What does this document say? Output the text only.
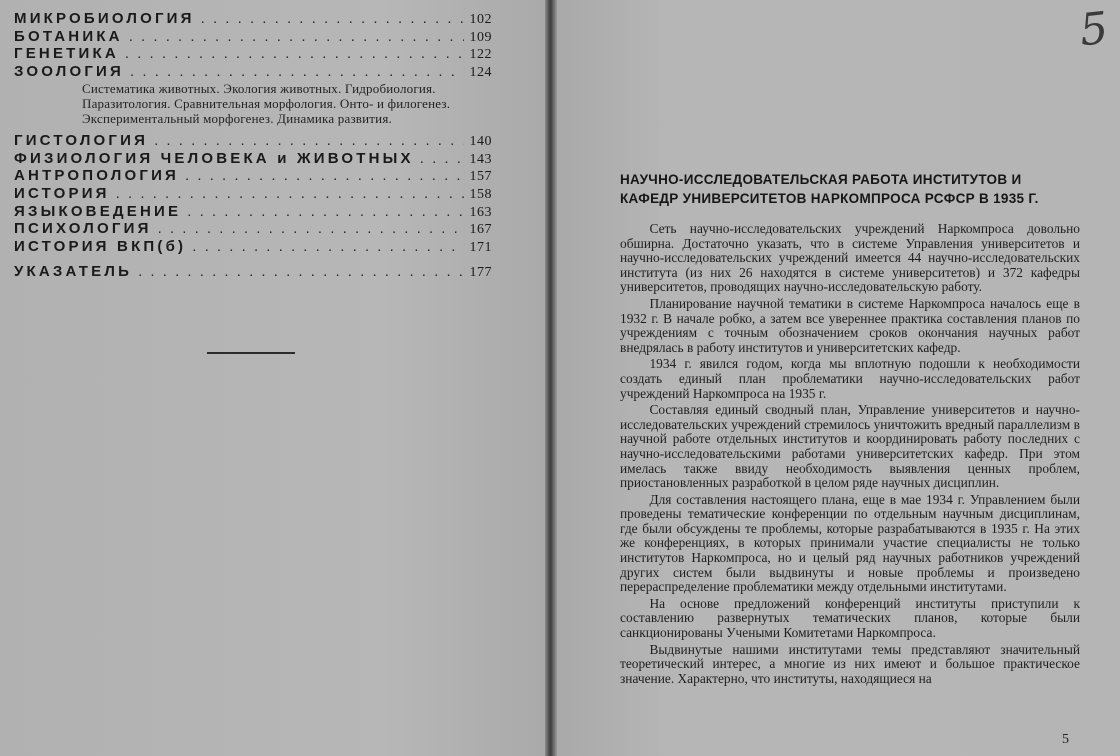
МИКРОБИОЛОГИЯ . . .	102
БОТАНИКА . . .	109
ГЕНЕТИКА . . .	122
ЗООЛОГИЯ . . .	124
Систематика животных. Экология животных. Гидробиология. Паразитология. Сравнительная морфология. Онто- и филогенез. Экспериментальный морфогенез. Динамика развития.
ГИСТОЛОГИЯ . . .	140
ФИЗИОЛОГИЯ ЧЕЛОВЕКА и ЖИВОТНЫХ . . .	143
АНТРОПОЛОГИЯ . . .	157
ИСТОРИЯ . . .	158
ЯЗЫКОВЕДЕНИЕ . . .	163
ПСИХОЛОГИЯ . . .	167
ИСТОРИЯ ВКП(б) . . .	171
УКАЗАТЕЛЬ . . .	177
5
НАУЧНО-ИССЛЕДОВАТЕЛЬСКАЯ РАБОТА ИНСТИТУТОВ И КАФЕДР УНИВЕРСИТЕТОВ НАРКОМПРОСА РСФСР В 1935 Г.

Сеть научно-исследовательских учреждений Наркомпроса довольно обширна. Достаточно указать, что в системе Управления университетов и научно-исследовательских учреждений имеется 44 научно-исследовательских института (из них 26 находятся в системе университетов) и 372 кафедры университетов, проводящих научно-исследовательскую работу.

Планирование научной тематики в системе Наркомпроса началось еще в 1932 г. В начале робко, а затем все увереннее практика составления планов по учреждениям с точным обозначением сроков окончания научных работ внедрялась в работу институтов и университетских кафедр.

1934 г. явился годом, когда мы вплотную подошли к необходимости создать единый план проблематики научно-исследовательских работ учреждений Наркомпроса на 1935 г.

Составляя единый сводный план, Управление университетов и научно-исследовательских учреждений стремилось уничтожить вредный параллелизм в научной работе отдельных институтов и координировать работу последних с научно-исследовательскими работами университетских кафедр. При этом имелась также ввиду необходимость выявления ценных проблем, приостановленных разработкой в целом ряде научных дисциплин.

Для составления настоящего плана, еще в мае 1934 г. Управлением были проведены тематические конференции по отдельным научным дисциплинам, где были обсуждены те проблемы, которые разрабатываются в 1935 г. На этих же конференциях, в которых принимали участие специалисты не только институтов Наркомпроса, но и целый ряд научных работников учреждений других систем были выдвинуты и новые проблемы и произведено перераспределение проблематики между отдельными институтами.

На основе предложений конференций институты приступили к составлению развернутых тематических планов, которые были санкционированы Учеными Комитетами Наркомпроса.

Выдвинутые нашими институтами темы представляют значительный теоретический интерес, а многие из них имеют и большое практическое значение. Характерно, что институты, находящиеся на

5
